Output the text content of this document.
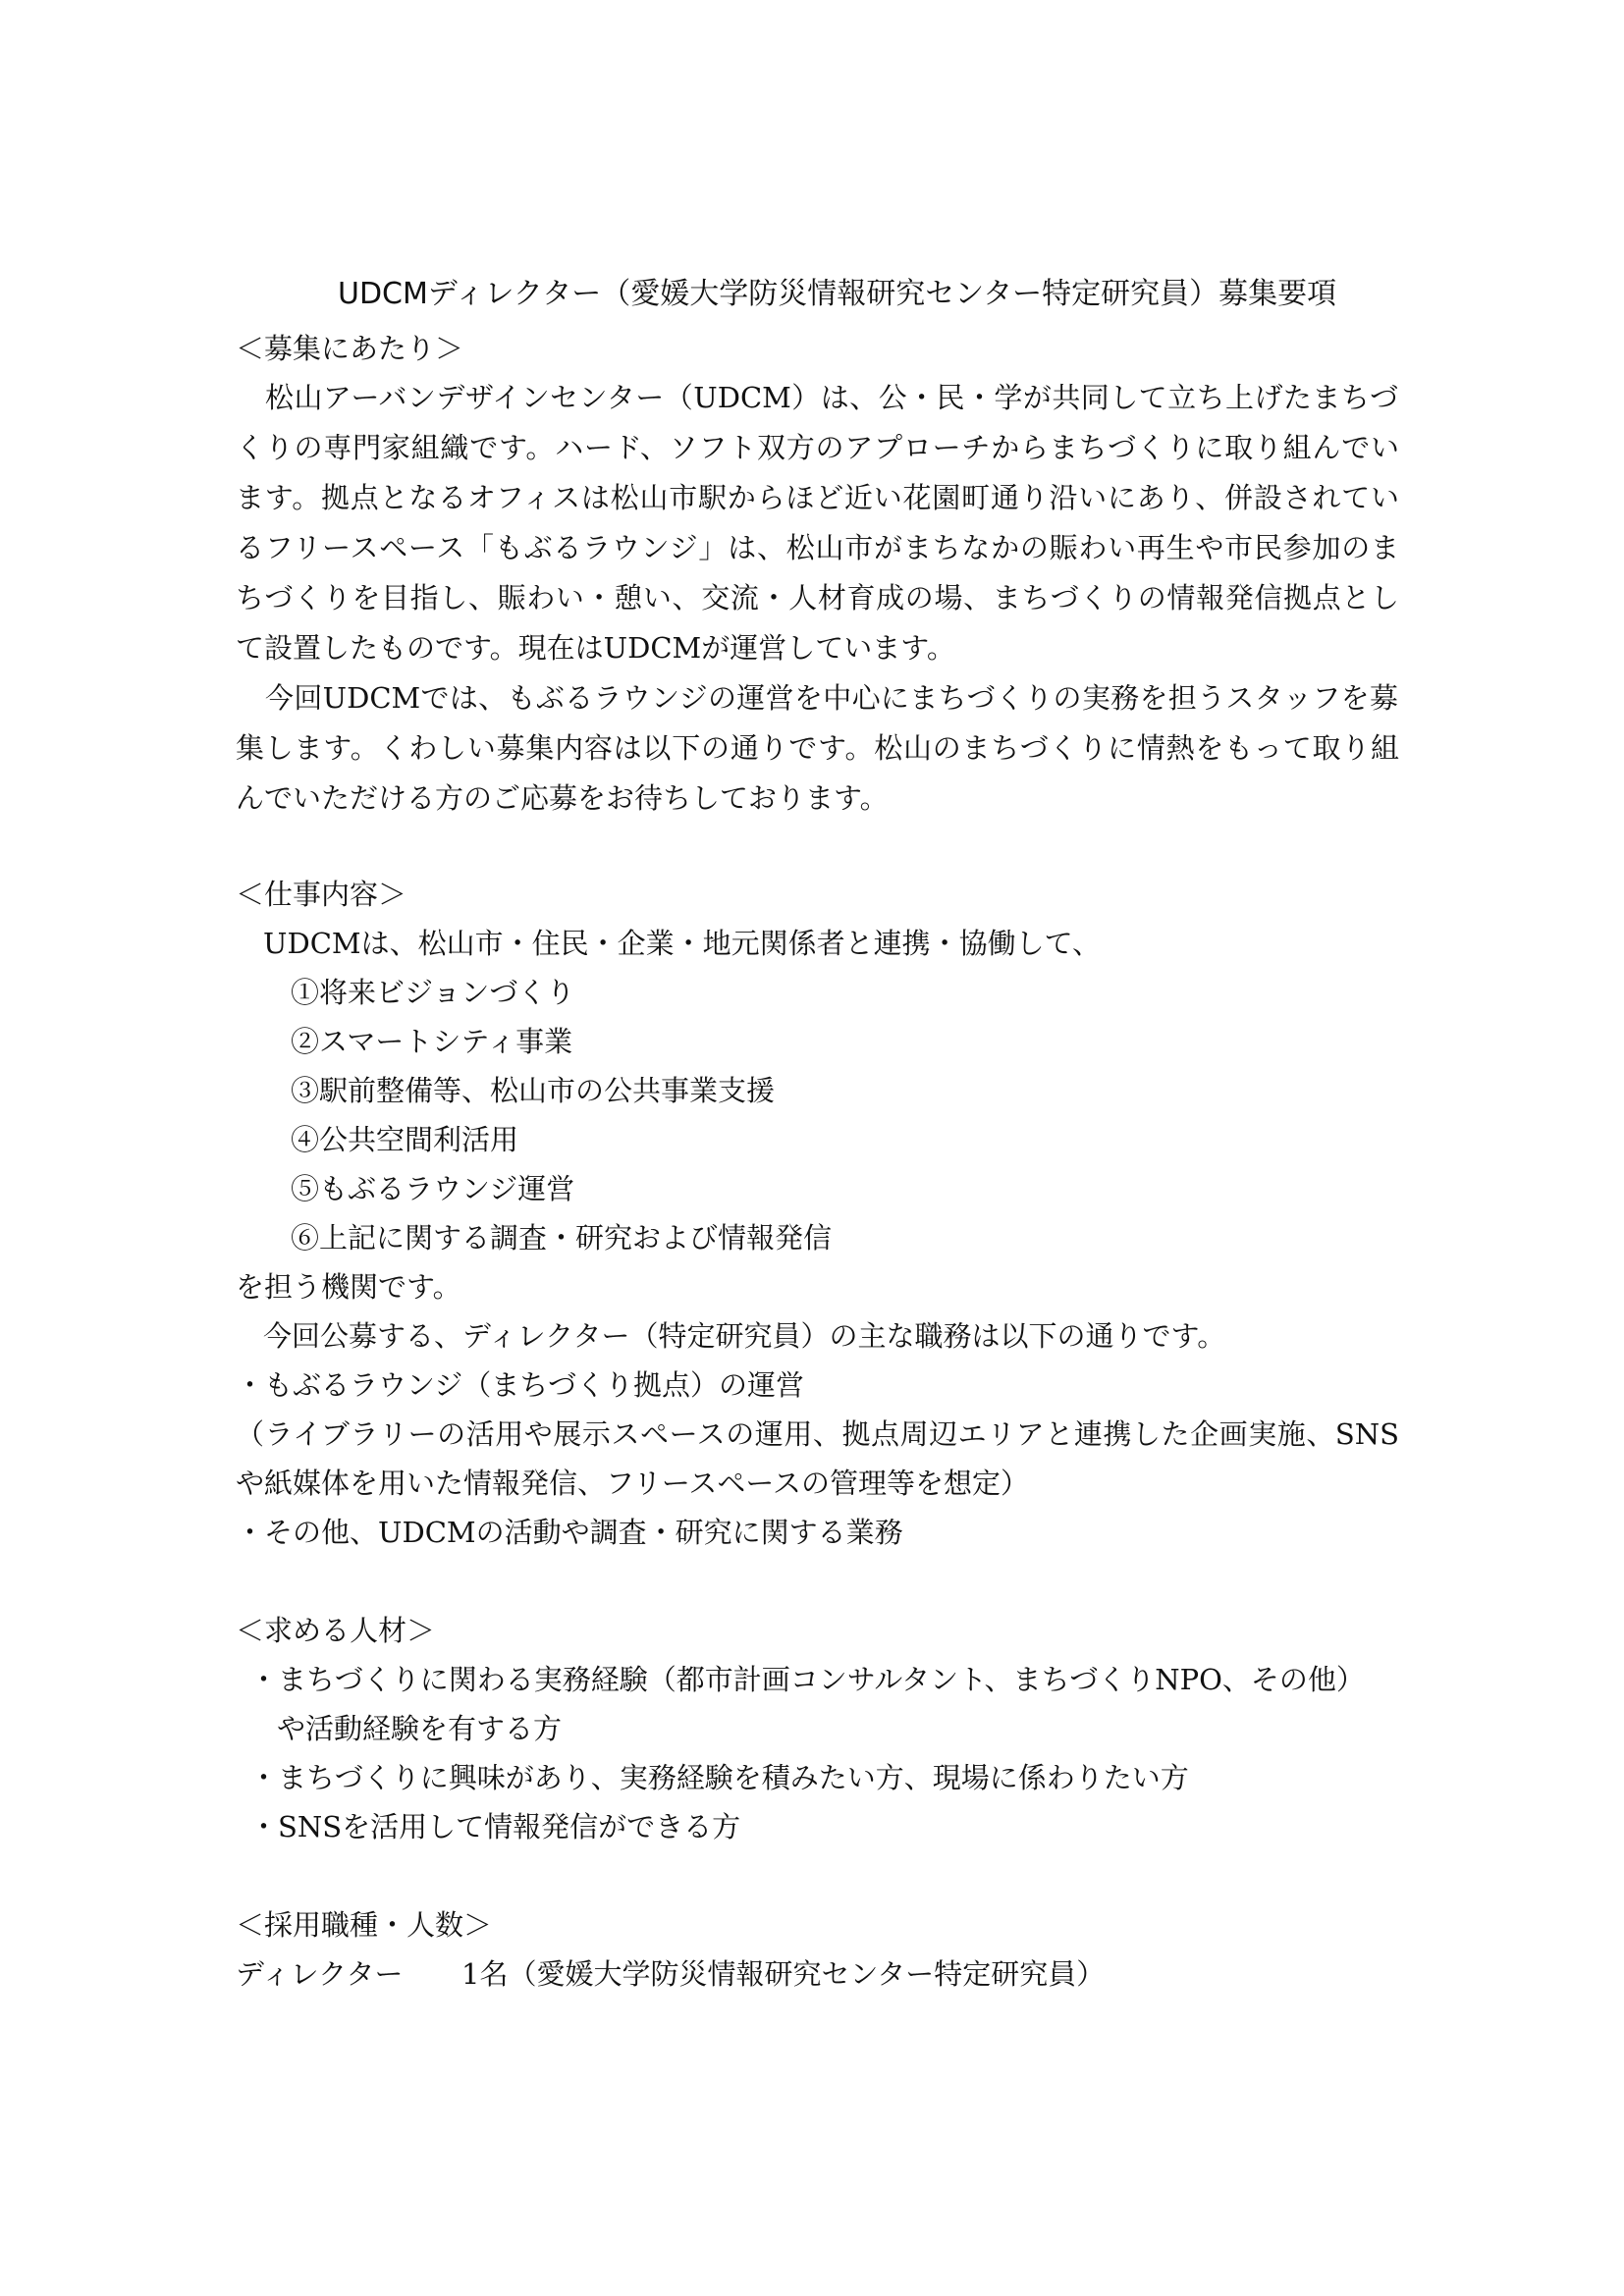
UDCMディレクター（愛媛大学防災情報研究センター特定研究員）募集要項
＜募集にあたり＞
松山アーバンデザインセンター（UDCM）は、公・民・学が共同して立ち上げたまちづ
くりの専門家組織です。ハード、ソフト双方のアプローチからまちづくりに取り組んでい
ます。拠点となるオフィスは松山市駅からほど近い花園町通り沿いにあり、併設されてい
るフリースペース「もぶるラウンジ」は、松山市がまちなかの賑わい再生や市民参加のま
ちづくりを目指し、賑わい・憩い、交流・人材育成の場、まちづくりの情報発信拠点とし
て設置したものです。現在はUDCMが運営しています。
今回UDCMでは、もぶるラウンジの運営を中心にまちづくりの実務を担うスタッフを募
集します。くわしい募集内容は以下の通りです。松山のまちづくりに情熱をもって取り組
んでいただける方のご応募をお待ちしております。
＜仕事内容＞
UDCMは、松山市・住民・企業・地元関係者と連携・協働して、
①将来ビジョンづくり
②スマートシティ事業
③駅前整備等、松山市の公共事業支援
④公共空間利活用
⑤もぶるラウンジ運営
⑥上記に関する調査・研究および情報発信
を担う機関です。
今回公募する、ディレクター（特定研究員）の主な職務は以下の通りです。
・もぶるラウンジ（まちづくり拠点）の運営
（ライブラリーの活用や展示スペースの運用、拠点周辺エリアと連携した企画実施、SNS
や紙媒体を用いた情報発信、フリースペースの管理等を想定）
・その他、UDCMの活動や調査・研究に関する業務
＜求める人材＞
・まちづくりに関わる実務経験（都市計画コンサルタント、まちづくりNPO、その他）
や活動経験を有する方
・まちづくりに興味があり、実務経験を積みたい方、現場に係わりたい方
・SNSを活用して情報発信ができる方
＜採用職種・人数＞
ディレクター 1名（愛媛大学防災情報研究センター特定研究員）
